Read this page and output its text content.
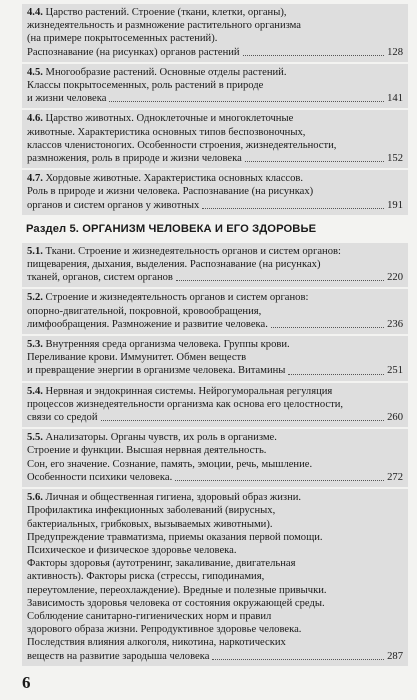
4.4. Царство растений. Строение (ткани, клетки, органы),
жизнедеятельность и размножение растительного организма
(на примере покрытосеменных растений).
Распознавание (на рисунках) органов растений	128
4.5. Многообразие растений. Основные отделы растений.
Классы покрытосеменных, роль растений в природе
и жизни человека	141
4.6. Царство животных. Одноклеточные и многоклеточные
животные. Характеристика основных типов беспозвоночных,
классов членистоногих. Особенности строения, жизнедеятельности,
размножения, роль в природе и жизни человека	152
4.7. Хордовые животные. Характеристика основных классов.
Роль в природе и жизни человека. Распознавание (на рисунках)
органов и систем органов у животных	191
Раздел 5. ОРГАНИЗМ ЧЕЛОВЕКА И ЕГО ЗДОРОВЬЕ
5.1. Ткани. Строение и жизнедеятельность органов и систем органов:
пищеварения, дыхания, выделения. Распознавание (на рисунках)
тканей, органов, систем органов	220
5.2. Строение и жизнедеятельность органов и систем органов:
опорно-двигательной, покровной, кровообращения,
лимфообращения. Размножение и развитие человека.	236
5.3. Внутренняя среда организма человека. Группы крови.
Переливание крови. Иммунитет. Обмен веществ
и превращение энергии в организме человека. Витамины	251
5.4. Нервная и эндокринная системы. Нейрогуморальная регуляция
процессов жизнедеятельности организма как основа его целостности,
связи со средой	260
5.5. Анализаторы. Органы чувств, их роль в организме.
Строение и функции. Высшая нервная деятельность.
Сон, его значение. Сознание, память, эмоции, речь, мышление.
Особенности психики человека.	272
5.6. Личная и общественная гигиена, здоровый образ жизни.
Профилактика инфекционных заболеваний (вирусных,
бактериальных, грибковых, вызываемых животными).
Предупреждение травматизма, приемы оказания первой помощи.
Психическое и физическое здоровье человека.
Факторы здоровья (аутотренинг, закаливание, двигательная
активность). Факторы риска (стрессы, гиподинамия,
переутомление, переохлаждение). Вредные и полезные привычки.
Зависимость здоровья человека от состояния окружающей среды.
Соблюдение санитарно-гигиенических норм и правил
здорового образа жизни. Репродуктивное здоровье человека.
Последствия влияния алкоголя, никотина, наркотических
веществ на развитие зародыша человека	287
6
